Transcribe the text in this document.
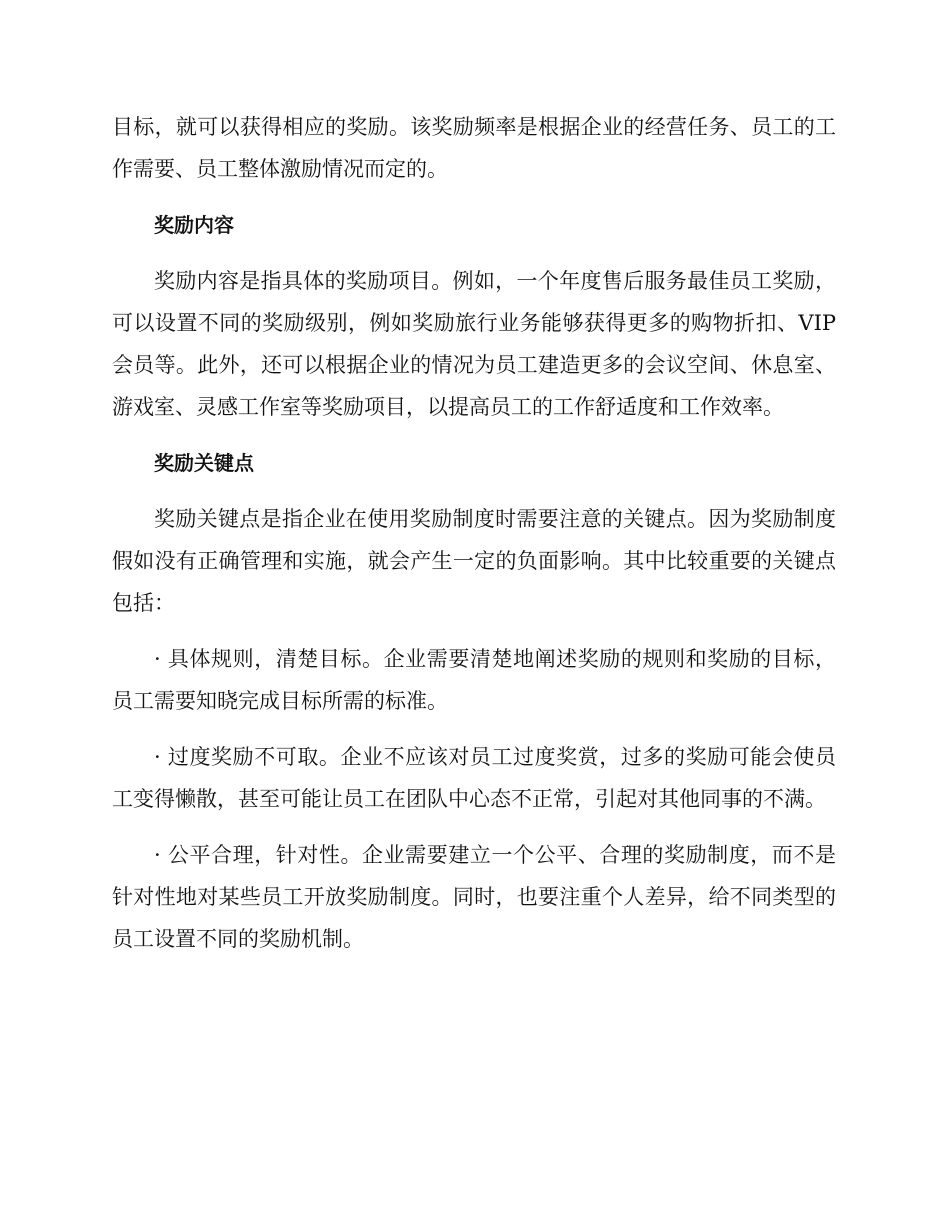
目标，就可以获得相应的奖励。该奖励频率是根据企业的经营任务、员工的工作需要、员工整体激励情况而定的。

奖励内容

奖励内容是指具体的奖励项目。例如，一个年度售后服务最佳员工奖励，可以设置不同的奖励级别，例如奖励旅行业务能够获得更多的购物折扣、VIP 会员等。此外，还可以根据企业的情况为员工建造更多的会议空间、休息室、游戏室、灵感工作室等奖励项目，以提高员工的工作舒适度和工作效率。

奖励关键点

奖励关键点是指企业在使用奖励制度时需要注意的关键点。因为奖励制度假如没有正确管理和实施，就会产生一定的负面影响。其中比较重要的关键点包括：

· 具体规则，清楚目标。企业需要清楚地阐述奖励的规则和奖励的目标，员工需要知晓完成目标所需的标准。

· 过度奖励不可取。企业不应该对员工过度奖赏，过多的奖励可能会使员工变得懒散，甚至可能让员工在团队中心态不正常，引起对其他同事的不满。

· 公平合理，针对性。企业需要建立一个公平、合理的奖励制度，而不是针对性地对某些员工开放奖励制度。同时，也要注重个人差异，给不同类型的员工设置不同的奖励机制。
